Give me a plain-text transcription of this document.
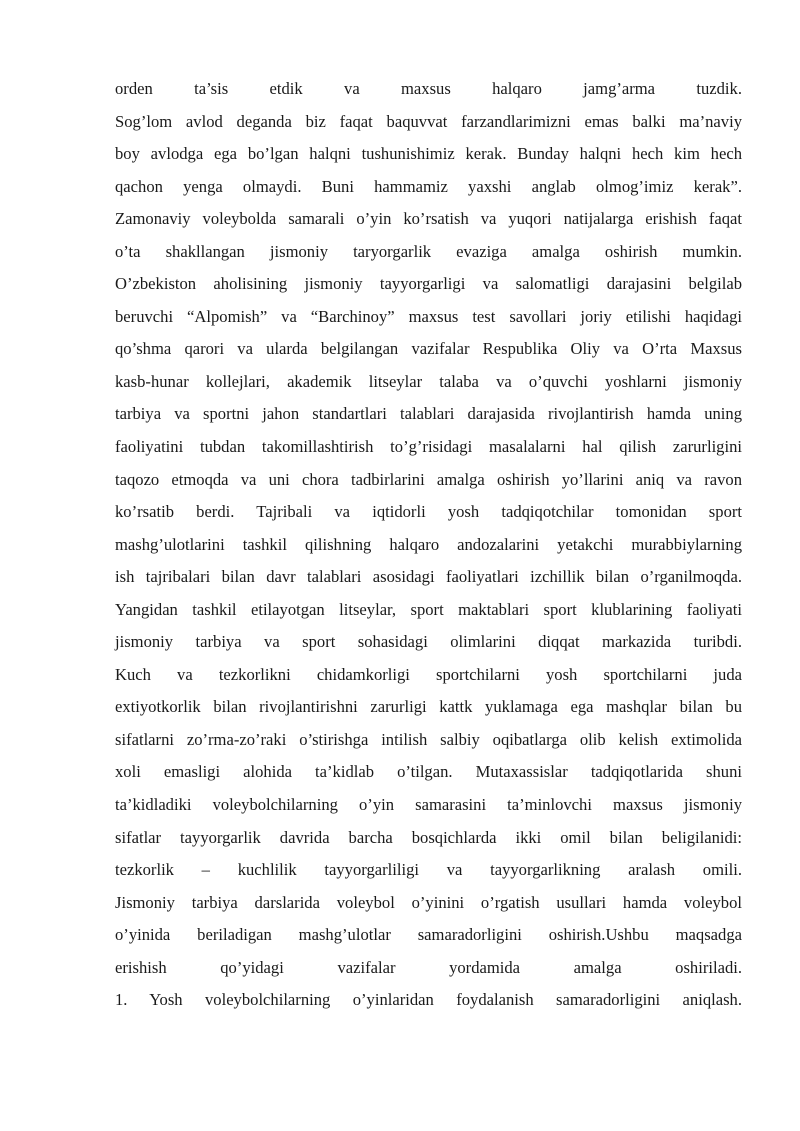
orden ta’sis etdik va maxsus halqaro jamg’arma tuzdik.
Sog’lom avlod deganda biz faqat baquvvat farzandlarimizni emas balki ma’naviy
boy avlodga ega bo’lgan halqni tushunishimiz kerak. Bunday halqni hech kim hech
qachon yenga olmaydi. Buni hammamiz yaxshi anglab olmog’imiz kerak”.
Zamonaviy voleybolda samarali o’yin ko’rsatish va yuqori natijalarga erishish faqat
o’ta shakllangan jismoniy taryorgarlik evaziga amalga oshirish mumkin.
O’zbekiston aholisining jismoniy tayyorgarligi va salomatligi darajasini belgilab
beruvchi “Alpomish” va “Barchinoy” maxsus test savollari joriy etilishi haqidagi
qo’shma qarori va ularda belgilangan vazifalar Respublika Oliy va O’rta Maxsus
kasb-hunar kollejlari, akademik litseylar talaba va o’quvchi yoshlarni jismoniy
tarbiya va sportni jahon standartlari talablari darajasida rivojlantirish hamda uning
faoliyatini tubdan takomillashtirish to’g’risidagi masalalarni hal qilish zarurligini
taqozo etmoqda va uni chora tadbirlarini amalga oshirish yo’llarini aniq va ravon
ko’rsatib berdi. Tajribali va iqtidorli yosh tadqiqotchilar tomonidan sport
mashg’ulotlarini tashkil qilishning halqaro andozalarini yetakchi murabbiylarning
ish tajribalari bilan davr talablari asosidagi faoliyatlari izchillik bilan o’rganilmoqda.
Yangidan tashkil etilayotgan litseylar, sport maktablari sport klublarining faoliyati
jismoniy tarbiya va sport sohasidagi olimlarini diqqat markazida turibdi.
Kuch va tezkorlikni chidamkorligi sportchilarni yosh sportchilarni juda
extiyotkorlik bilan rivojlantirishni zarurligi kattk yuklamaga ega mashqlar bilan bu
sifatlarni zo’rma-zo’raki o’stirishga intilish salbiy oqibatlarga olib kelish extimolida
xoli emasligi alohida ta’kidlab o’tilgan. Mutaxassislar tadqiqotlarida shuni
ta’kidladiki voleybolchilarning o’yin samarasini ta’minlovchi maxsus jismoniy
sifatlar tayyorgarlik davrida barcha bosqichlarda ikki omil bilan beligilanidi:
tezkorlik – kuchlilik tayyorgarliligi va tayyorgarlikning aralash omili.
Jismoniy tarbiya darslarida voleybol o’yinini o’rgatish usullari hamda voleybol
o’yinida beriladigan mashg’ulotlar samaradorligini oshirish.Ushbu maqsadga
erishish qo’yidagi vazifalar yordamida amalga oshiriladi.
1. Yosh voleybolchilarning o’yinlaridan foydalanish samaradorligini aniqlash.
